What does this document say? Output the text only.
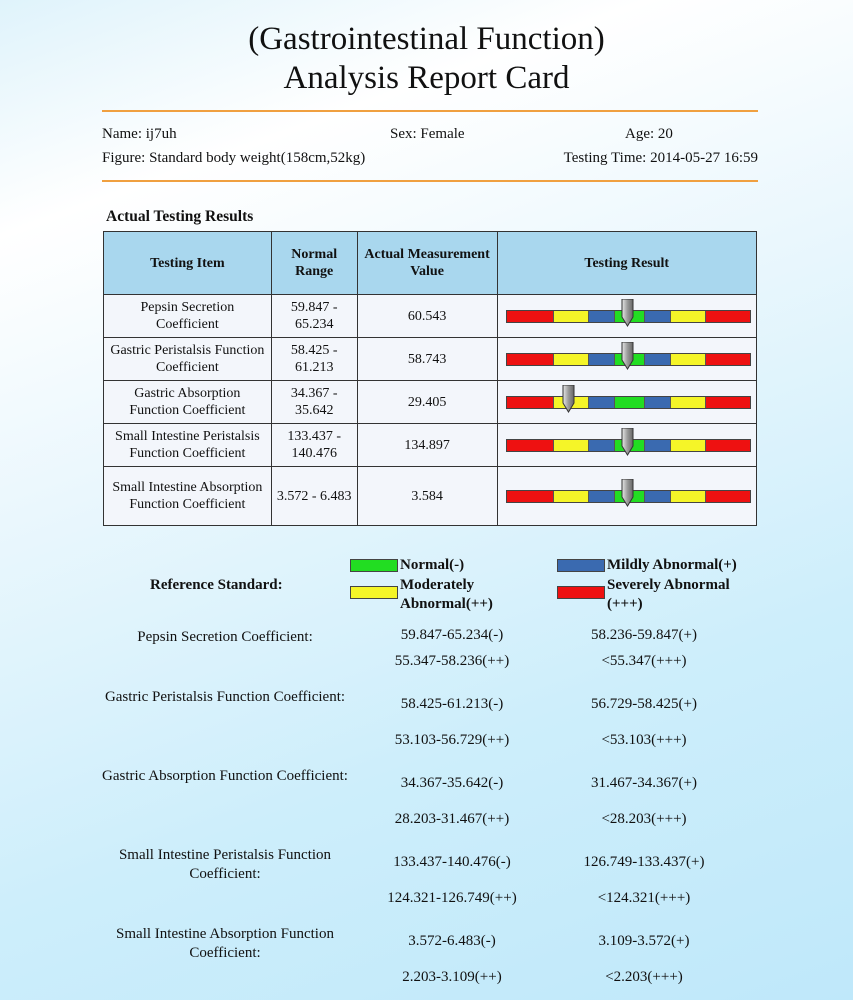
(Gastrointestinal Function)
Analysis Report Card
Name: ij7uh	Sex: Female	Age: 20
Figure: Standard body weight(158cm,52kg)	Testing Time: 2014-05-27 16:59
Actual Testing Results
Testing Item	Normal Range	Actual Measurement Value	Testing Result
Pepsin Secretion Coefficient	59.847 - 65.234	60.543	

Gastric Peristalsis Function Coefficient	58.425 - 61.213	58.743	

Gastric Absorption Function Coefficient	34.367 - 35.642	29.405	

Small Intestine Peristalsis Function Coefficient	133.437 - 140.476	134.897	

Small Intestine Absorption Function Coefficient	3.572 - 6.483	3.584	
Reference Standard:
Normal(-)	Mildly Abnormal(+)
Moderately
Abnormal(++)
Severely Abnormal
(+++)
Pepsin Secretion Coefficient:	59.847-65.234(-)	58.236-59.847(+)
55.347-58.236(++)	<55.347(+++)
Gastric Peristalsis Function Coefficient:	58.425-61.213(-)	56.729-58.425(+)
53.103-56.729(++)	<53.103(+++)
Gastric Absorption Function Coefficient:	34.367-35.642(-)	31.467-34.367(+)
28.203-31.467(++)	<28.203(+++)
Small Intestine Peristalsis Function Coefficient:
133.437-140.476(-)	126.749-133.437(+)
124.321-126.749(++)	<124.321(+++)
Small Intestine Absorption Function Coefficient:
3.572-6.483(-)	3.109-3.572(+)
2.203-3.109(++)	<2.203(+++)
